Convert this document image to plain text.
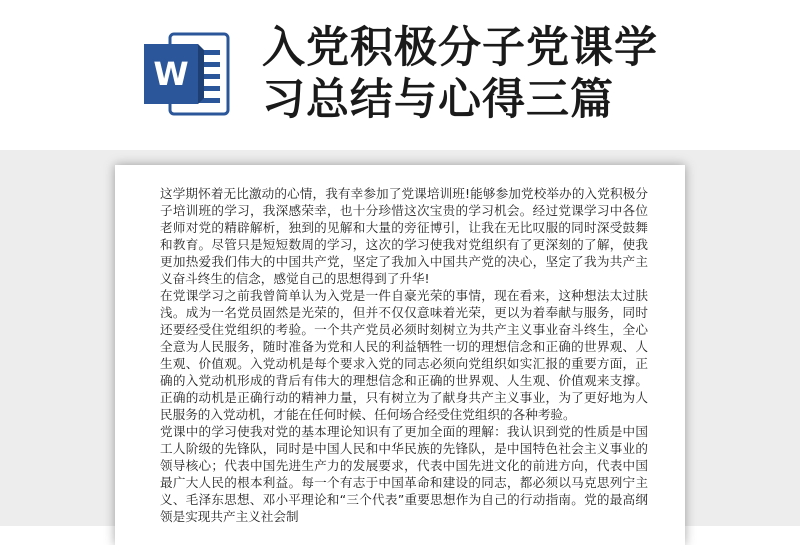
W
入党积极分子党课学习总结与心得三篇

这学期怀着无比激动的心情，我有幸参加了党课培训班!能够参加党校举办的入党积极分子培训班的学习，我深感荣幸，也十分珍惜这次宝贵的学习机会。经过党课学习中各位老师对党的精辟解析，独到的见解和大量的旁征博引，让我在无比叹服的同时深受鼓舞和教育。尽管只是短短数周的学习，这次的学习使我对党组织有了更深刻的了解，使我更加热爱我们伟大的中国共产党，坚定了我加入中国共产党的决心，坚定了我为共产主义奋斗终生的信念，感觉自己的思想得到了升华!

在党课学习之前我曾简单认为入党是一件自豪光荣的事情，现在看来，这种想法太过肤浅。成为一名党员固然是光荣的，但并不仅仅意味着光荣，更以为着奉献与服务，同时还要经受住党组织的考验。一个共产党员必须时刻树立为共产主义事业奋斗终生，全心全意为人民服务，随时准备为党和人民的利益牺牲一切的理想信念和正确的世界观、人生观、价值观。入党动机是每个要求入党的同志必须向党组织如实汇报的重要方面，正确的入党动机形成的背后有伟大的理想信念和正确的世界观、人生观、价值观来支撑。正确的动机是正确行动的精神力量，只有树立为了献身共产主义事业，为了更好地为人民服务的入党动机，才能在任何时候、任何场合经受住党组织的各种考验。

党课中的学习使我对党的基本理论知识有了更加全面的理解：我认识到党的性质是中国工人阶级的先锋队，同时是中国人民和中华民族的先锋队，是中国特色社会主义事业的领导核心；代表中国先进生产力的发展要求，代表中国先进文化的前进方向，代表中国最广大人民的根本利益。每一个有志于中国革命和建设的同志，都必须以马克思列宁主义、毛泽东思想、邓小平理论和“三个代表”重要思想作为自己的行动指南。党的最高纲领是实现共产主义社会制
